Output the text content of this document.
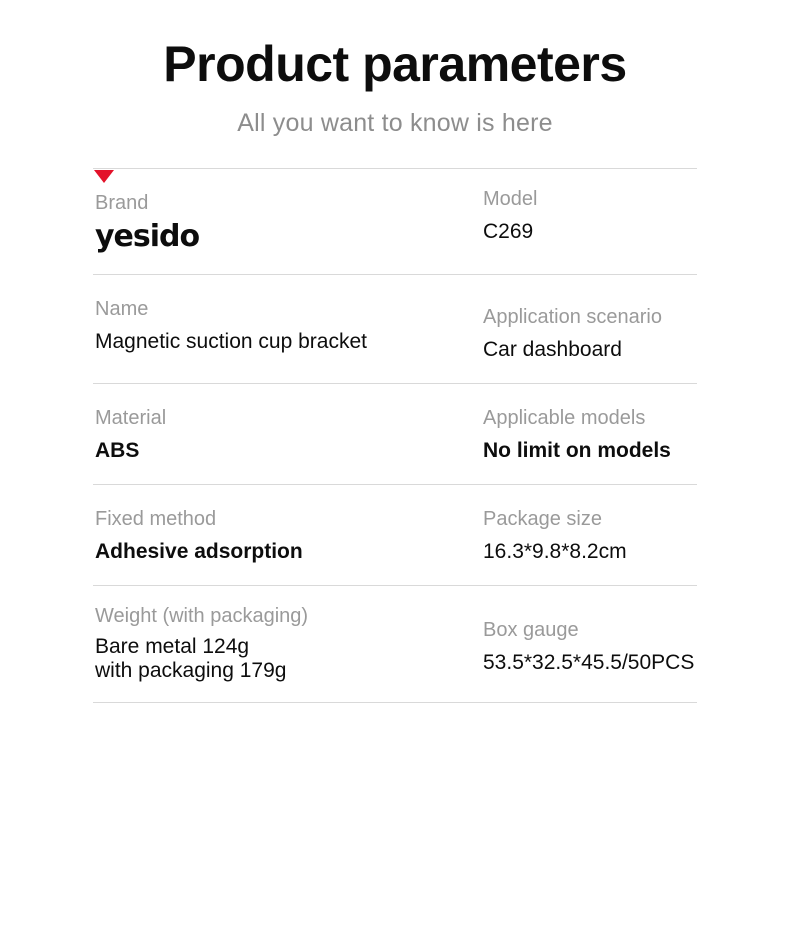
Product parameters
All you want to know is here
Brand
yesido
Model
C269
Name
Magnetic suction cup bracket
Application scenario
Car dashboard
Material
ABS
Applicable models
No limit on models
Fixed method
Adhesive adsorption
Package size
16.3*9.8*8.2cm
Weight (with packaging)
Bare metal 124g
with packaging 179g
Box gauge
53.5*32.5*45.5/50PCS
